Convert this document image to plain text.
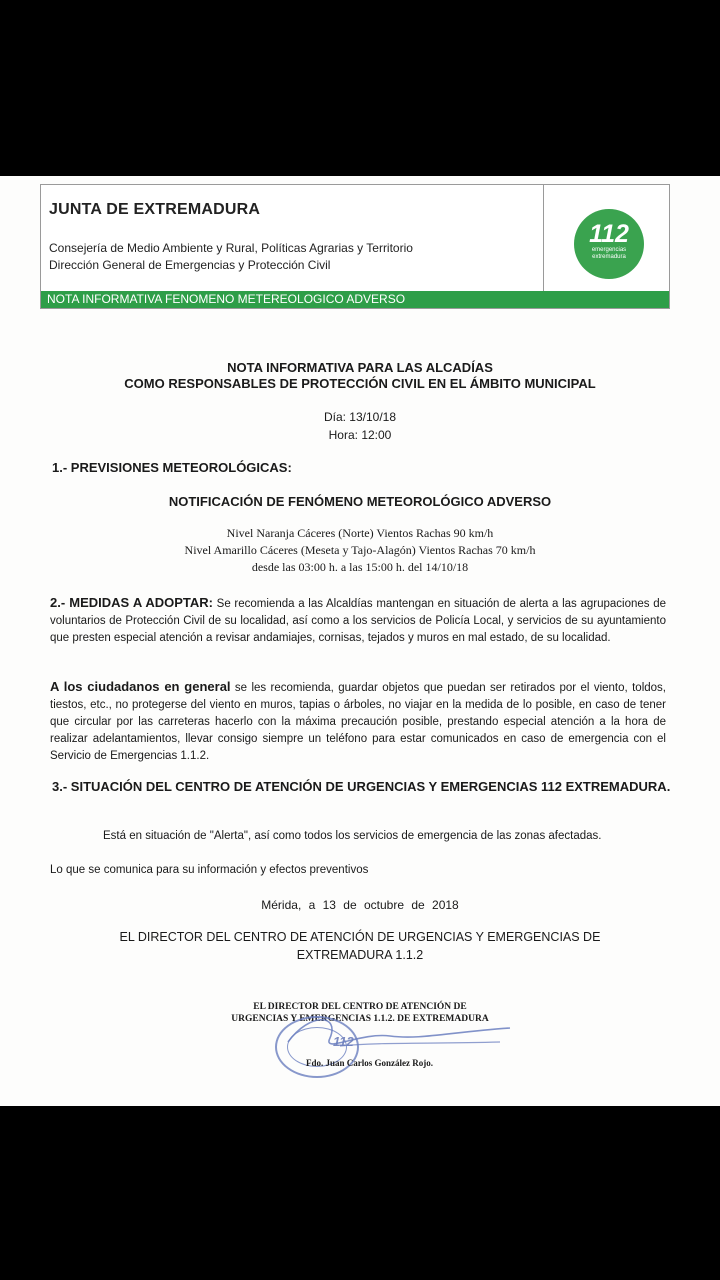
JUNTA DE EXTREMADURA
Consejería de Medio Ambiente y Rural, Políticas Agrarias y Territorio
Dirección General de Emergencias y Protección Civil
112
emergencias
extremadura
NOTA INFORMATIVA FENOMENO METEREOLOGICO ADVERSO
NOTA INFORMATIVA PARA LAS ALCADÍAS
COMO RESPONSABLES DE PROTECCIÓN CIVIL EN EL ÁMBITO MUNICIPAL
Día: 13/10/18
Hora: 12:00
1.- PREVISIONES METEOROLÓGICAS:
NOTIFICACIÓN DE FENÓMENO METEOROLÓGICO ADVERSO
Nivel Naranja Cáceres (Norte) Vientos Rachas 90 km/h
Nivel Amarillo Cáceres (Meseta y Tajo-Alagón) Vientos Rachas 70 km/h
desde las 03:00 h. a las 15:00 h. del 14/10/18
2.- MEDIDAS A ADOPTAR: Se recomienda a las Alcaldías mantengan en situación de alerta a las agrupaciones de voluntarios de Protección Civil de su localidad, así como a los servicios de Policía Local, y servicios de su ayuntamiento que presten especial atención a revisar andamiajes, cornisas, tejados y muros en mal estado, de su localidad.
A los ciudadanos en general se les recomienda, guardar objetos que puedan ser retirados por el viento, toldos, tiestos, etc., no protegerse del viento en muros, tapias o árboles, no viajar en la medida de lo posible, en caso de tener que circular por las carreteras hacerlo con la máxima precaución posible, prestando especial atención a la hora de realizar adelantamientos, llevar consigo siempre un teléfono para estar comunicados en caso de emergencia con el Servicio de Emergencias 1.1.2.
3.- SITUACIÓN DEL CENTRO DE ATENCIÓN DE URGENCIAS Y EMERGENCIAS 112 EXTREMADURA.
Está en situación de "Alerta", así como todos los servicios de emergencia de las zonas afectadas.
Lo que se comunica para su información y efectos preventivos
Mérida, a 13 de octubre de 2018
EL DIRECTOR DEL CENTRO DE ATENCIÓN DE URGENCIAS Y EMERGENCIAS DE
EXTREMADURA 1.1.2
EL DIRECTOR DEL CENTRO DE ATENCIÓN DE
URGENCIAS Y EMERGENCIAS 1.1.2. DE EXTREMADURA
112
Fdo. Juan Carlos González Rojo.
